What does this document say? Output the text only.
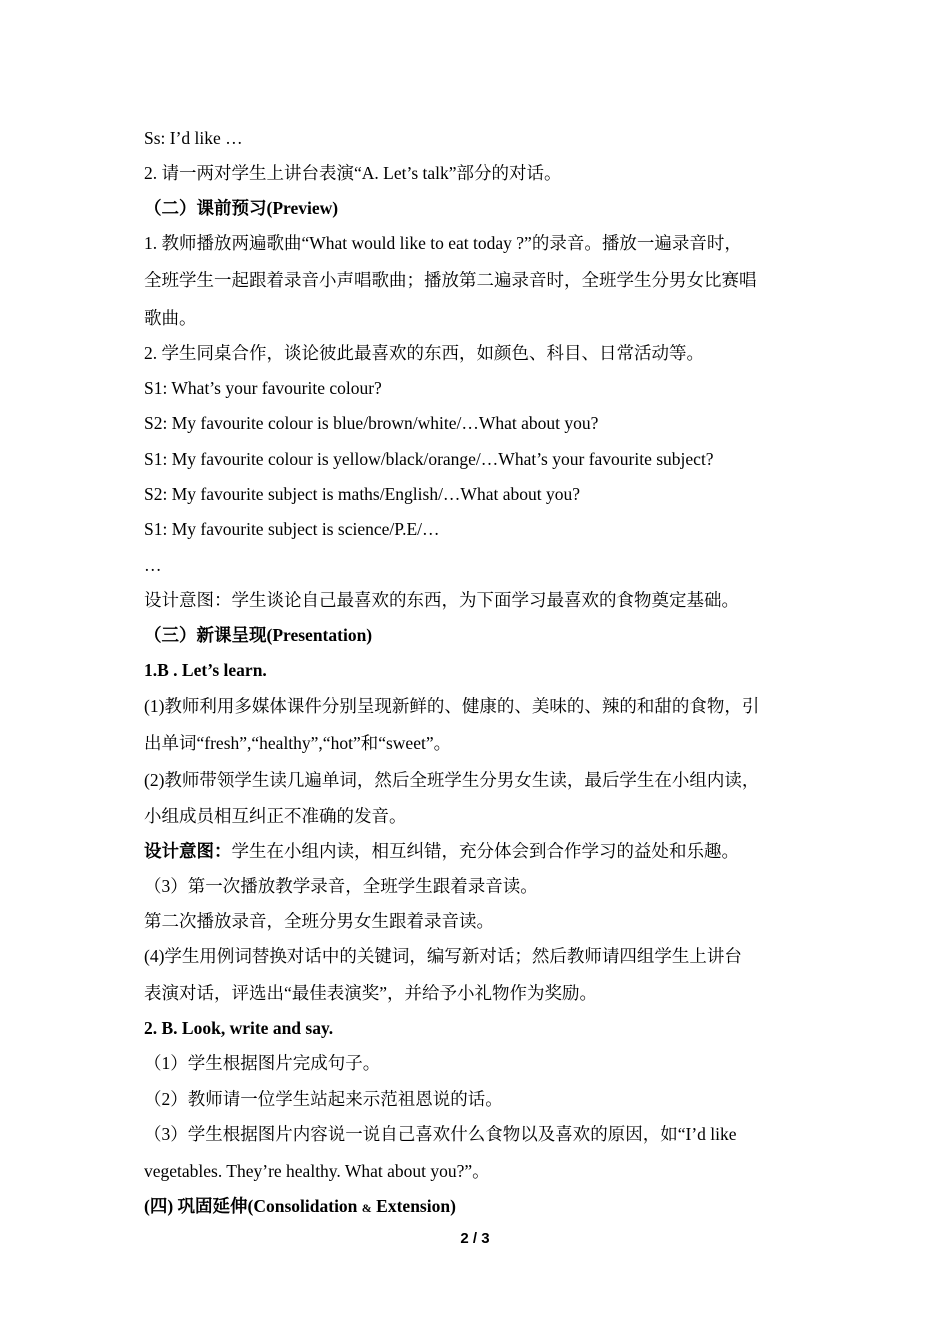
Ss: I’d like …
2. 请一两对学生上讲台表演“A. Let’s talk”部分的对话。
（二）课前预习(Preview)
1. 教师播放两遍歌曲“What would like to eat today ?”的录音。播放一遍录音时，
全班学生一起跟着录音小声唱歌曲；播放第二遍录音时，全班学生分男女比赛唱
歌曲。
2. 学生同桌合作，谈论彼此最喜欢的东西，如颜色、科目、日常活动等。
S1: What’s your favourite colour?
S2: My favourite colour is blue/brown/white/…What about you?
S1: My favourite colour is yellow/black/orange/…What’s your favourite subject?
S2: My favourite subject is maths/English/…What about you?
S1: My favourite subject is science/P.E/…
…
设计意图：学生谈论自己最喜欢的东西，为下面学习最喜欢的食物奠定基础。
（三）新课呈现(Presentation)
1.B . Let’s learn.
(1)教师利用多媒体课件分别呈现新鲜的、健康的、美味的、辣的和甜的食物，引
出单词“fresh”,“healthy”,“hot”和“sweet”。
(2)教师带领学生读几遍单词，然后全班学生分男女生读，最后学生在小组内读，
小组成员相互纠正不准确的发音。
设计意图：学生在小组内读，相互纠错，充分体会到合作学习的益处和乐趣。
（3）第一次播放教学录音，全班学生跟着录音读。
第二次播放录音，全班分男女生跟着录音读。
(4)学生用例词替换对话中的关键词，编写新对话；然后教师请四组学生上讲台
表演对话，评选出“最佳表演奖”，并给予小礼物作为奖励。
2. B. Look, write and say.
（1）学生根据图片完成句子。
（2）教师请一位学生站起来示范祖恩说的话。
（3）学生根据图片内容说一说自己喜欢什么食物以及喜欢的原因，如“I’d like
vegetables. They’re healthy. What about you?”。
(四) 巩固延伸(Consolidation & Extension)
2 / 3
